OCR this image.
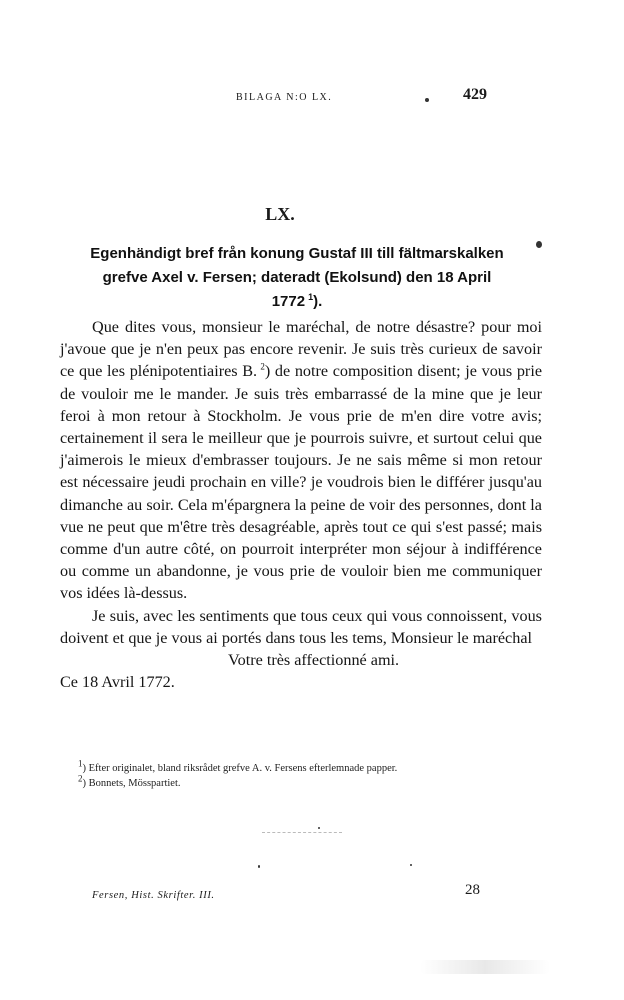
BILAGA N:O LX.	429
LX.
Egenhändigt bref från konung Gustaf III till fältmarskalken
grefve Axel v. Fersen; dateradt (Ekolsund) den 18 April
1772  $^1$).

Que dites vous, monsieur le maréchal, de notre désastre? pour moi j'avoue que je n'en peux pas encore revenir. Je suis très curieux de savoir ce que les plénipotentiaires B.  $^2$) de notre composition disent; je vous prie de vouloir me le mander. Je suis très embarrassé de la mine que je leur feroi à mon retour à Stockholm. Je vous prie de m'en dire votre avis; certainement il sera le meilleur que je pourrois suivre, et surtout celui que j'aimerois le mieux d'embrasser toujours. Je ne sais même si mon retour est nécessaire jeudi prochain en ville? je voudrois bien le différer jusqu'au dimanche au soir. Cela m'épargnera la peine de voir des personnes, dont la vue ne peut que m'être très desagréable, après tout ce qui s'est passé; mais comme d'un autre côté, on pourroit interpréter mon séjour à indifférence ou comme un abandonne, je vous prie de vouloir bien me communiquer vos idées là-dessus.

Je suis, avec les sentiments que tous ceux qui vous connoissent, vous doivent et que je vous ai portés dans tous les tems, Monsieur le maréchal

Votre très affectionné ami.
Ce 18 Avril 1772.
$^1$) Efter originalet, bland riksrådet grefve A. v. Fersens efterlemnade papper.
$^2$) Bonnets, Mösspartiet.
Fersen, Hist. Skrifter. III.	28
